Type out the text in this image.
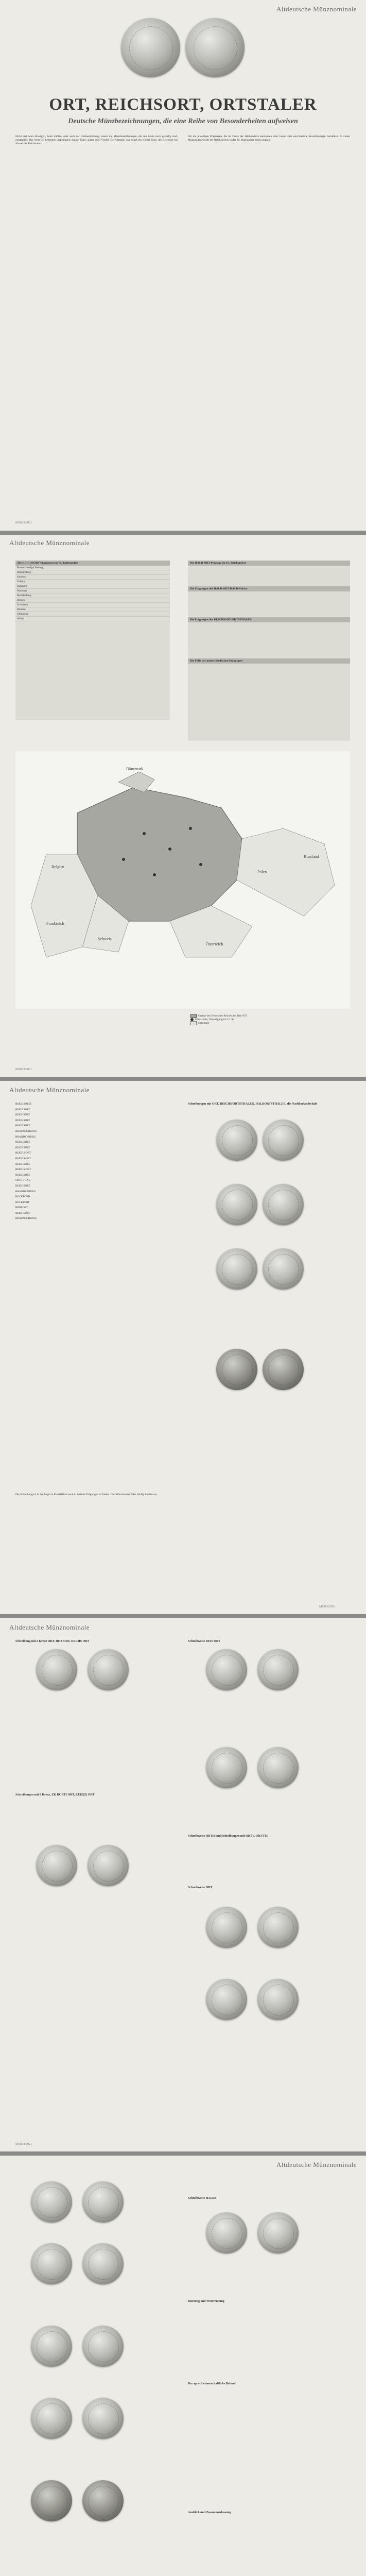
Altdeutsche Münznominale
ORT, REICHSORT, ORTSTALER
Deutsche Münzbezeichnungen, die eine Reihe von Besonderheiten aufweisen

Nicht erst beim Abwägen, beim Zählen, oder auch der Ortsbestimmung, waren die Münzbezeichnungen, die uns heute noch geläufig sind, entstanden. Das Wort Ort bedeutete ursprünglich Spitze, Ecke, später auch Viertel. Der Ortstaler war somit ein Viertel Taler, der Reichsort ein Viertel des Reichstalers.

Für die jeweiligen Prägungen, die im Laufe der Jahrhunderte entstanden sind, lassen sich verschiedene Bezeichnungen feststellen. In vielen Münzstätten wurde der Reichsort bis in das 18. Jahrhundert hinein geprägt.

MSM 8/2021
Altdeutsche Münznominale
Die REICHSORT-Prägungen im 17. Jahrhundert
Braunschweig-Lüneburg	
Brandenburg	
Sachsen	
Lübeck	
Hamburg	
Pommern	
Mecklenburg	
Hessen	
Schweden	
Bremen	
Oldenburg	
Anhalt	
Die HALB-ORT-Prägung im 16. Jahrhundert
Die Prägungen der HALB-ORT/HALB-Stücke
Die Prägungen der REICHSORT/ORTSTHALER
Die Fülle der unterschiedlichen Prägungen
Russland
Polen
Österreich
Schweiz
Frankreich
Belgien
Dänemark
Grenze des Deutschen Reiches im Jahr 1871
Münzstätte, Ortsprägung im 17. Jh.
Ortsthaler
MSM 8/2021
Altdeutsche Münznominale
REICHSORTS
REICHSORT
REICHSORT
REICHSORT
REICHSORT
BRAUNSCHWEIG
BRANDENBURG
REICHSORT
REICHSORT
REICHS-ORT
REICHS-ORT
REICHSORT
REICHS-ORT
REICHSORT
ORTS-THAL
REICHSORT
BRANDENBURG
ROCKFORD
ROCKFORT
BIRN-ORT
REICHSORT
BRAUNSCHWEIG

Die Schreibung ist in der Regel in Einzelfällen auch in anderen Prägungen zu finden. Der Münzmeister führt häufig Zusätze an.

Schreibungen mit ORT, REICHS/ORTSTHALER, HALBORTSTHALER, die Nachbarlandschaft
MSM 8/2021
Altdeutsche Münznominale
Schreibung mit 2 Kreuz ORT, IIHZ ORT, RECHS ORT
Schreibungen mit 8 Kreuz, ZK RORTI ORT, REIZ(Z) ORT
Schreibweise REIS ORT
Schreibweise ORTH und Schreibungen mit ORTT, ORTTTE
Schreibweise ORT
MSM 8/2021
Altdeutsche Münznominale
Schreibweise HALBE
Kürzung und Wortrennung
Der sprachwissenschaftliche Befund
Ausblick und Zusammenfassung
